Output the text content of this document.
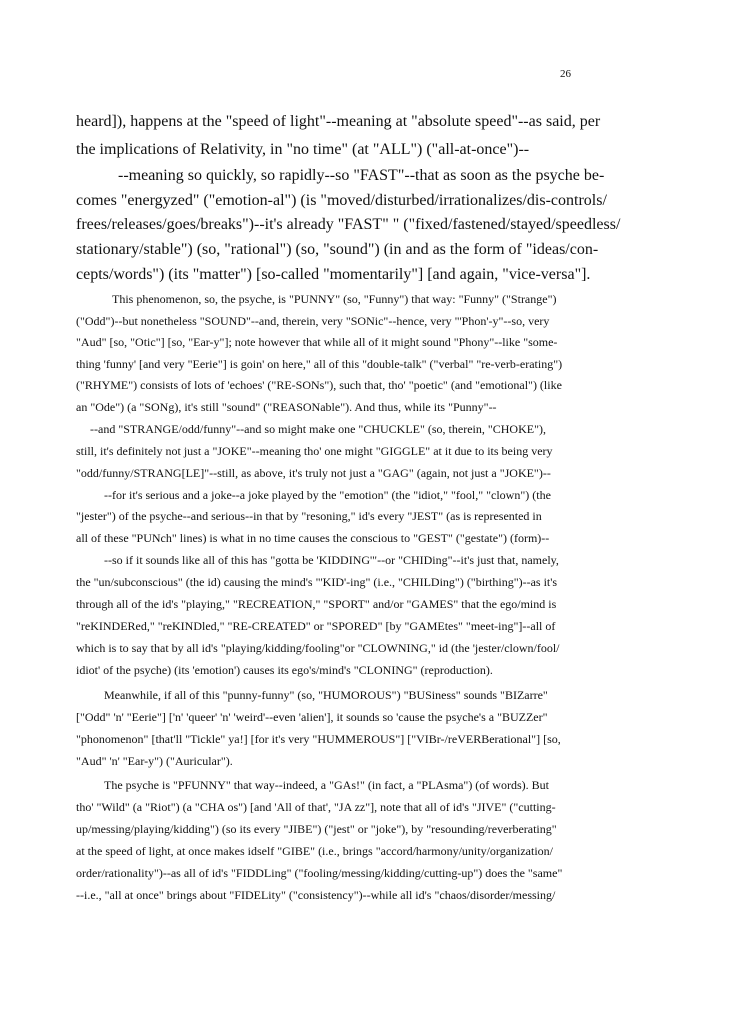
26
heard]), happens at the "speed of light"--meaning at "absolute speed"--as said, per
the implications of Relativity, in "no time" (at "ALL") ("all-at-once")--
--meaning so quickly, so rapidly--so "FAST"--that as soon as the psyche be-
comes "energyzed" ("emotion-al") (is "moved/disturbed/irrationalizes/dis-controls/
frees/releases/goes/breaks")--it's already "FAST" " ("fixed/fastened/stayed/speedless/
stationary/stable") (so, "rational") (so, "sound") (in and as the form of "ideas/con-
cepts/words") (its "matter") [so-called "momentarily"] [and again, "vice-versa"].
This phenomenon, so, the psyche, is "PUNNY" (so, "Funny") that way: "Funny" ("Strange")
("Odd")--but nonetheless "SOUND"--and, therein, very "SONic"--hence, very "'Phon'-y"--so, very
"Aud" [so, "Otic"] [so, "Ear-y"]; note however that while all of it might sound "Phony"--like "some-
thing 'funny' [and very "Eerie"] is goin' on here," all of this "double-talk" ("verbal" "re-verb-erating")
("RHYME") consists of lots of 'echoes' ("RE-SONs"), such that, tho' "poetic" (and "emotional") (like
an "Ode") (a "SONg), it's still "sound" ("REASONable"). And thus, while its "Punny"--
--and "STRANGE/odd/funny"--and so might make one "CHUCKLE" (so, therein, "CHOKE"),
still, it's definitely not just a "JOKE"--meaning tho' one might "GIGGLE" at it due to its being very
"odd/funny/STRANG[LE]"--still, as above, it's truly not just a "GAG" (again, not just a "JOKE")--
--for it's serious and a joke--a joke played by the "emotion" (the "idiot," "fool," "clown") (the
"jester") of the psyche--and serious--in that by "resoning," id's every "JEST" (as is represented in
all of these "PUNch" lines) is what in no time causes the conscious to "GEST" ("gestate") (form)--
--so if it sounds like all of this has "gotta be 'KIDDING'"--or "CHIDing"--it's just that, namely,
the "un/subconscious" (the id) causing the mind's "'KID'-ing" (i.e., "CHILDing") ("birthing")--as it's
through all of the id's "playing," "RECREATION," "SPORT" and/or "GAMES" that the ego/mind is
"reKINDERed," "reKINDled," "RE-CREATED" or "SPORED" [by "GAMEtes" "meet-ing"]--all of
which is to say that by all id's "playing/kidding/fooling"or "CLOWNING," id (the 'jester/clown/fool/
idiot' of the psyche) (its 'emotion') causes its ego's/mind's "CLONING" (reproduction).
Meanwhile, if all of this "punny-funny" (so, "HUMOROUS") "BUSiness" sounds "BIZarre"
["Odd" 'n' "Eerie"] ['n' 'queer' 'n' 'weird'--even 'alien'], it sounds so 'cause the psyche's a "BUZZer"
"phonomenon" [that'll "Tickle" ya!] [for it's very "HUMMEROUS"] ["VIBr-/reVERBerational"] [so,
"Aud" 'n' "Ear-y") ("Auricular").
The psyche is "PFUNNY" that way--indeed, a "GAs!" (in fact, a "PLAsma") (of words). But
tho' "Wild" (a "Riot") (a "CHA os") [and 'All of that', "JA zz"], note that all of id's "JIVE" ("cutting-
up/messing/playing/kidding") (so its every "JIBE") ("jest" or "joke"), by "resounding/reverberating"
at the speed of light, at once makes idself "GIBE" (i.e., brings "accord/harmony/unity/organization/
order/rationality")--as all of id's "FIDDLing" ("fooling/messing/kidding/cutting-up") does the "same"
--i.e., "all at once" brings about "FIDELity" ("consistency")--while all id's "chaos/disorder/messing/
